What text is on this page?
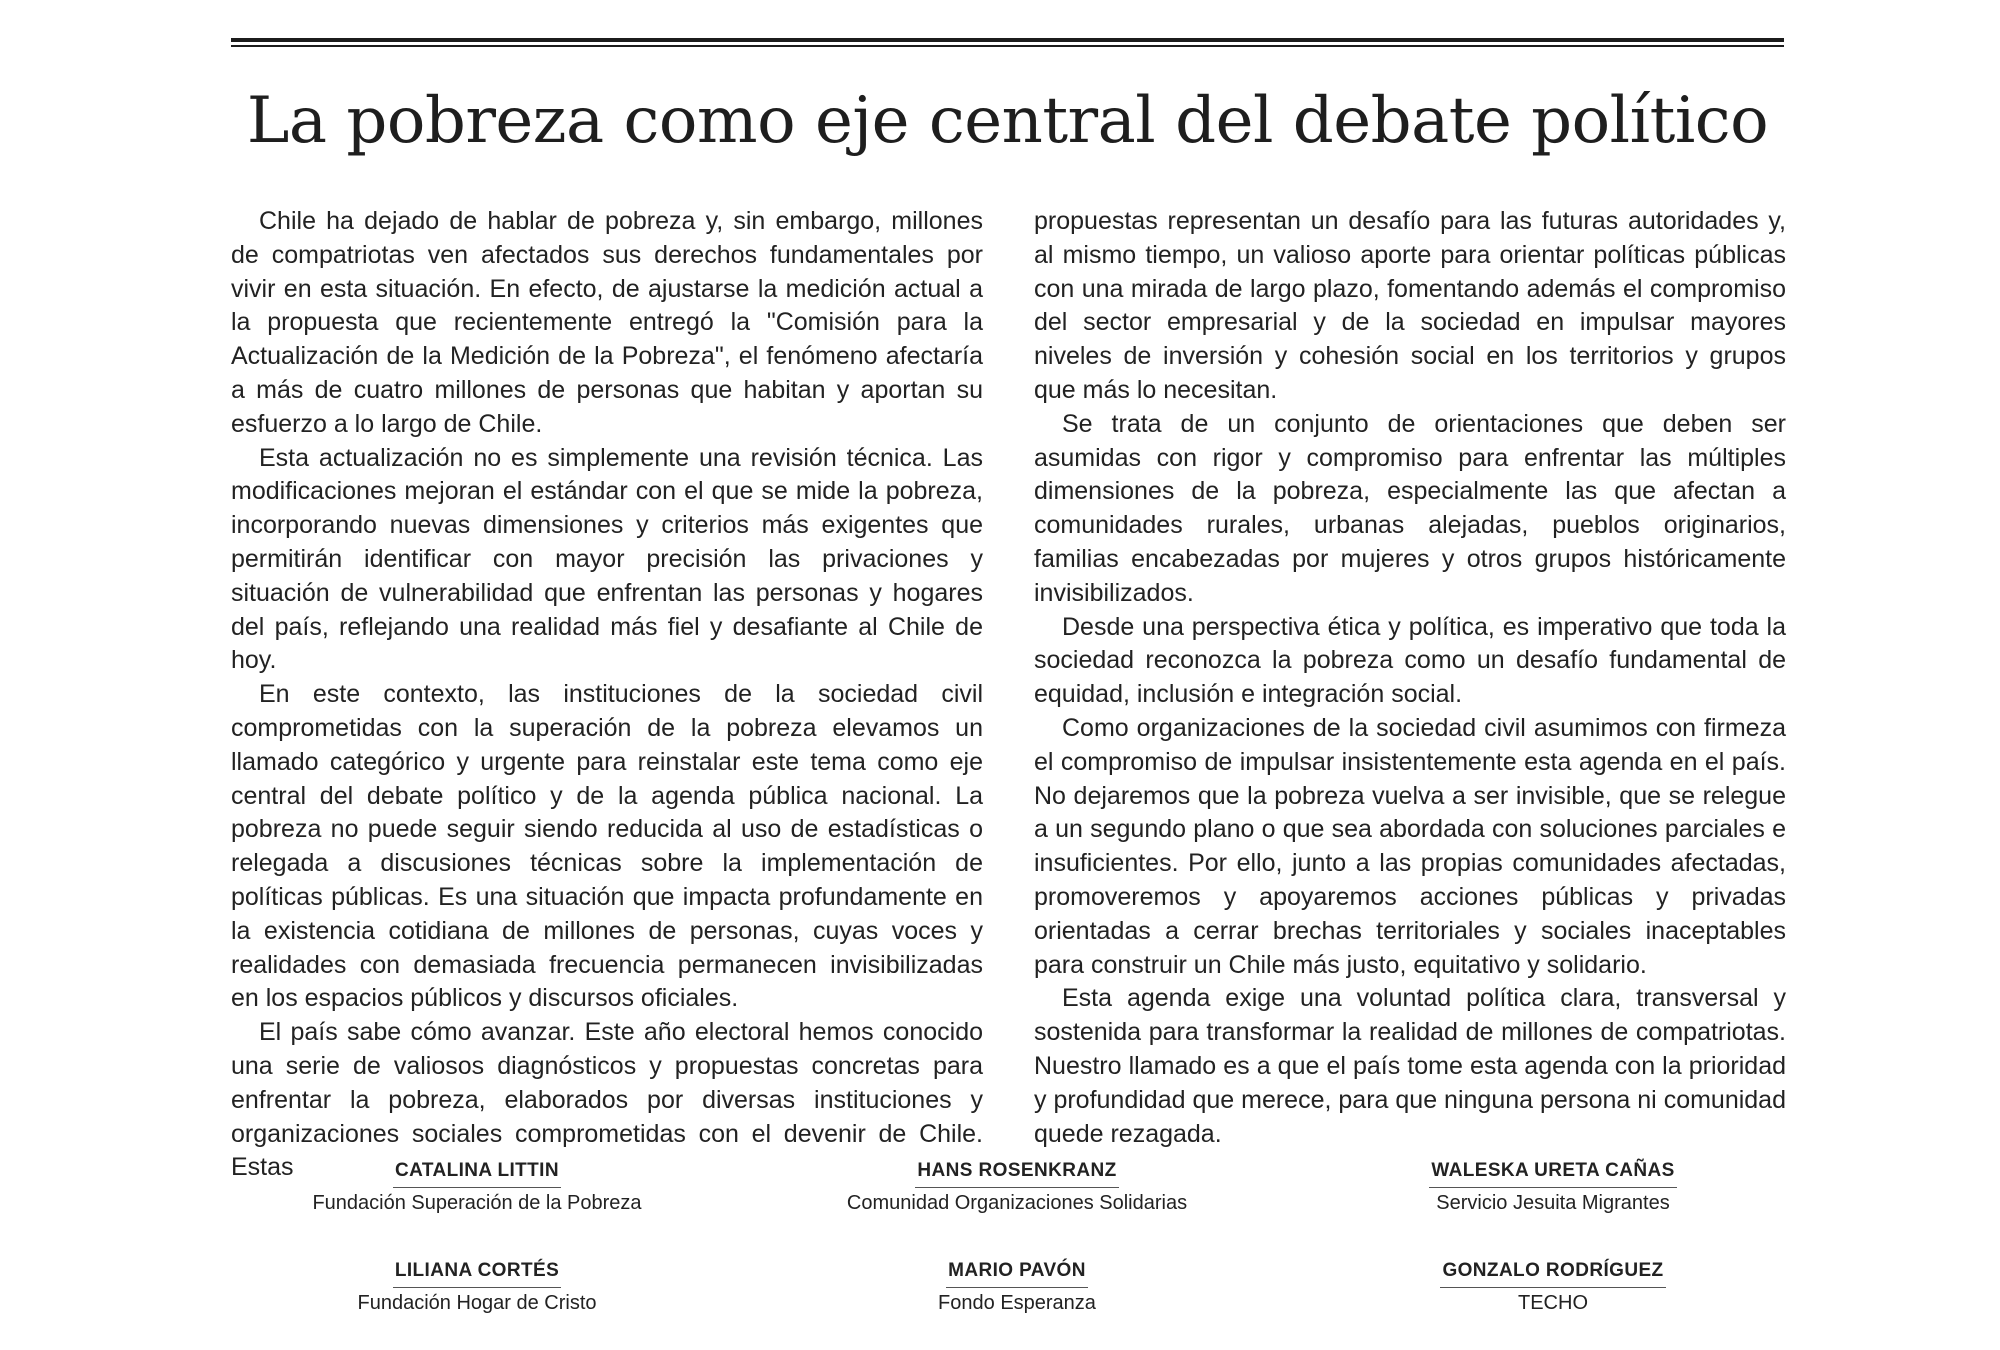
La pobreza como eje central del debate político

Chile ha dejado de hablar de pobreza y, sin embargo, millones de compatriotas ven afectados sus derechos fundamentales por vivir en esta situación. En efecto, de ajustarse la medición actual a la propuesta que recientemente entregó la "Comisión para la Actualización de la Medición de la Pobreza", el fenómeno afectaría a más de cuatro millones de personas que habitan y aportan su esfuerzo a lo largo de Chile.

Esta actualización no es simplemente una revisión técnica. Las modificaciones mejoran el estándar con el que se mide la pobreza, incorporando nuevas dimensiones y criterios más exigentes que permitirán identificar con mayor precisión las privaciones y situación de vulnerabilidad que enfrentan las personas y hogares del país, reflejando una realidad más fiel y desafiante al Chile de hoy.

En este contexto, las instituciones de la sociedad civil comprometidas con la superación de la pobreza elevamos un llamado categórico y urgente para reinstalar este tema como eje central del debate político y de la agenda pública nacional. La pobreza no puede seguir siendo reducida al uso de estadísticas o relegada a discusiones técnicas sobre la implementación de políticas públicas. Es una situación que impacta profundamente en la existencia cotidiana de millones de personas, cuyas voces y realidades con demasiada frecuencia permanecen invisibilizadas en los espacios públicos y discursos oficiales.

El país sabe cómo avanzar. Este año electoral hemos conocido una serie de valiosos diagnósticos y propuestas concretas para enfrentar la pobreza, elaborados por diversas instituciones y organizaciones sociales comprometidas con el devenir de Chile. Estas

propuestas representan un desafío para las futuras autoridades y, al mismo tiempo, un valioso aporte para orientar políticas públicas con una mirada de largo plazo, fomentando además el compromiso del sector empresarial y de la sociedad en impulsar mayores niveles de inversión y cohesión social en los territorios y grupos que más lo necesitan.

Se trata de un conjunto de orientaciones que deben ser asumidas con rigor y compromiso para enfrentar las múltiples dimensiones de la pobreza, especialmente las que afectan a comunidades rurales, urbanas alejadas, pueblos originarios, familias encabezadas por mujeres y otros grupos históricamente invisibilizados.

Desde una perspectiva ética y política, es imperativo que toda la sociedad reconozca la pobreza como un desafío fundamental de equidad, inclusión e integración social.

Como organizaciones de la sociedad civil asumimos con firmeza el compromiso de impulsar insistentemente esta agenda en el país. No dejaremos que la pobreza vuelva a ser invisible, que se relegue a un segundo plano o que sea abordada con soluciones parciales e insuficientes. Por ello, junto a las propias comunidades afectadas, promoveremos y apoyaremos acciones públicas y privadas orientadas a cerrar brechas territoriales y sociales inaceptables para construir un Chile más justo, equitativo y solidario.

Esta agenda exige una voluntad política clara, transversal y sostenida para transformar la realidad de millones de compatriotas. Nuestro llamado es a que el país tome esta agenda con la prioridad y profundidad que merece, para que ninguna persona ni comunidad quede rezagada.

CATALINA LITTIN
Fundación Superación de la Pobreza
HANS ROSENKRANZ
Comunidad Organizaciones Solidarias
WALESKA URETA CAÑAS
Servicio Jesuita Migrantes
LILIANA CORTÉS
Fundación Hogar de Cristo
MARIO PAVÓN
Fondo Esperanza
GONZALO RODRÍGUEZ
TECHO
